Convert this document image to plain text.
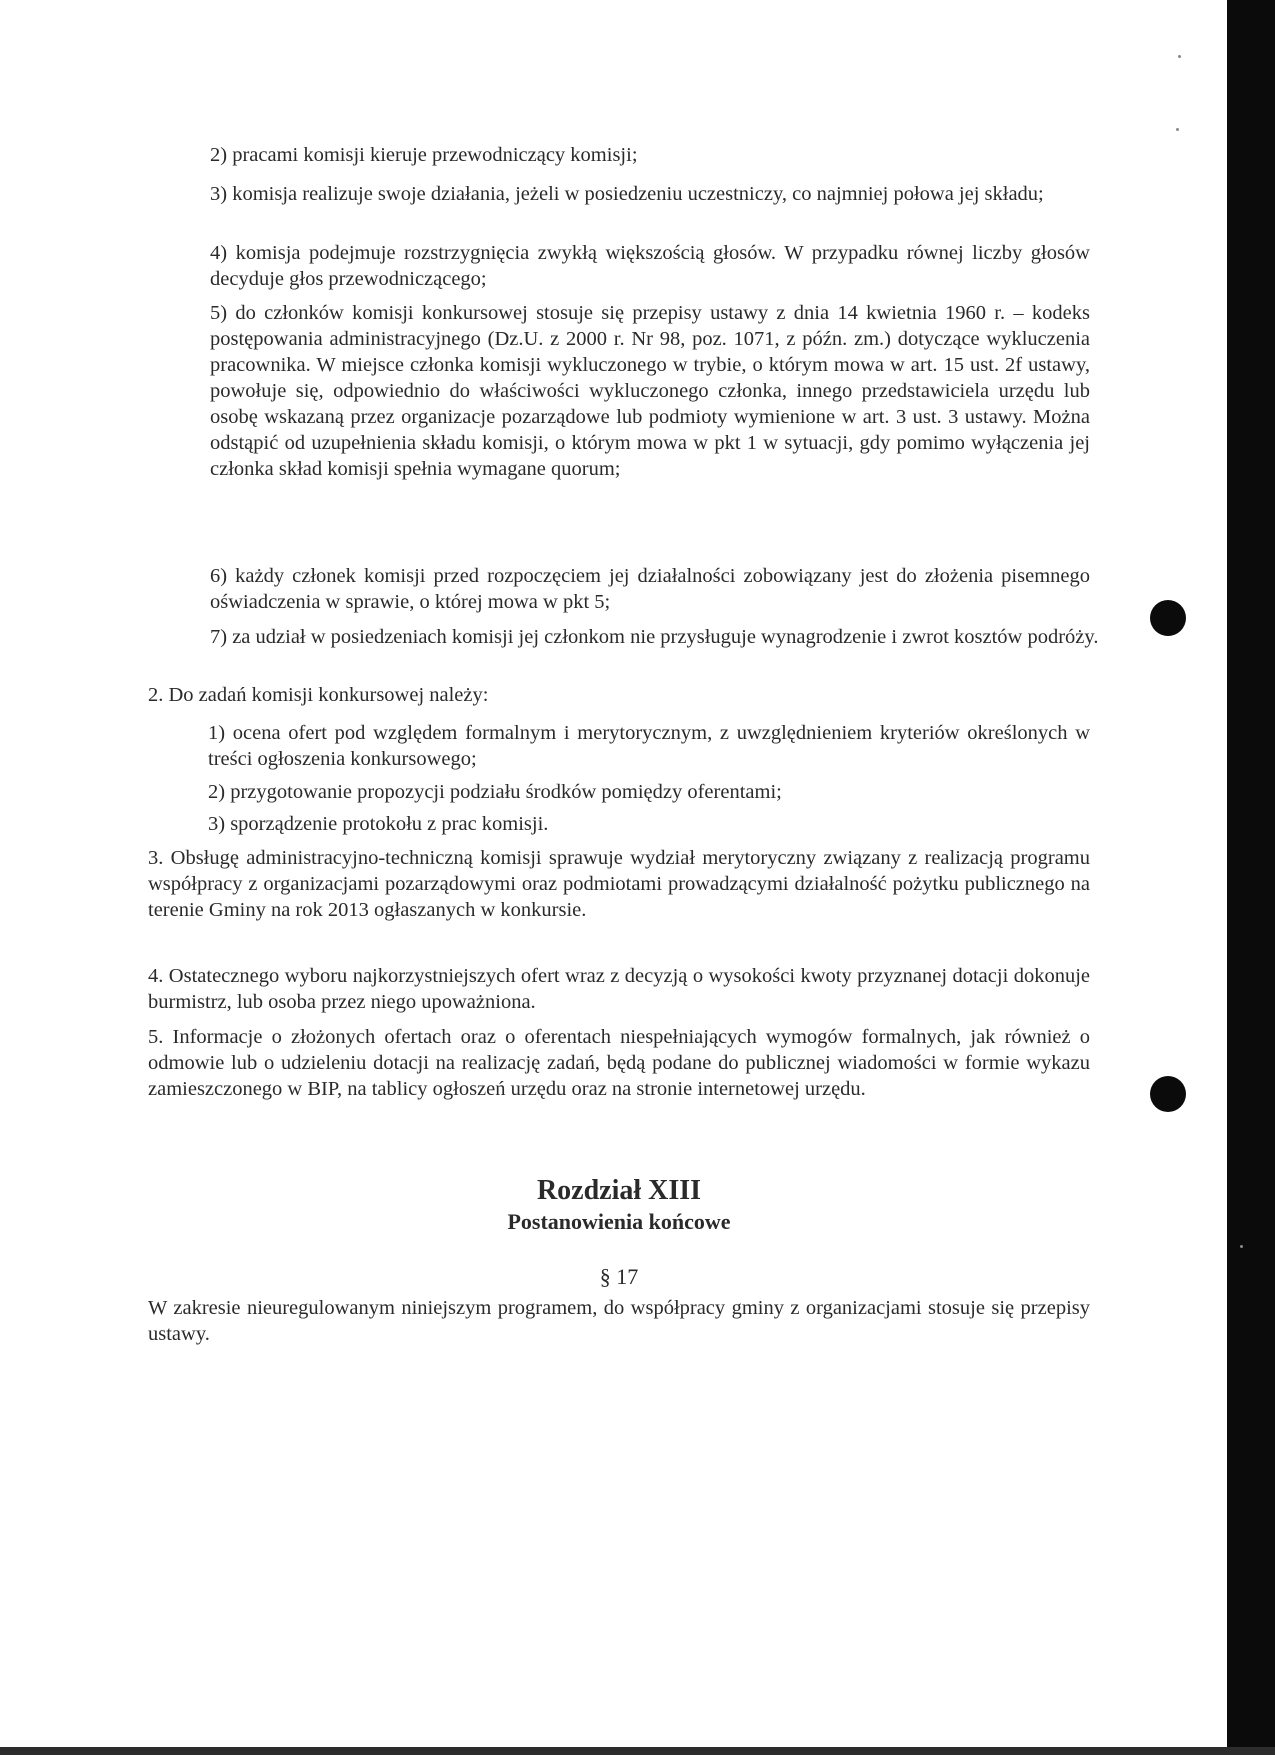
2) pracami komisji kieruje przewodniczący komisji;

3) komisja realizuje swoje działania, jeżeli w posiedzeniu uczestniczy, co najmniej połowa jej składu;

4) komisja podejmuje rozstrzygnięcia zwykłą większością głosów. W przypadku równej liczby głosów decyduje głos przewodniczącego;

5) do członków komisji konkursowej stosuje się przepisy ustawy z dnia 14 kwietnia 1960 r. – kodeks postępowania administracyjnego (Dz.U. z 2000 r. Nr 98, poz. 1071, z późn. zm.) dotyczące wykluczenia pracownika. W miejsce członka komisji wykluczonego w trybie, o którym mowa w art. 15 ust. 2f ustawy, powołuje się, odpowiednio do właściwości wykluczonego członka, innego przedstawiciela urzędu lub osobę wskazaną przez organizacje pozarządowe lub podmioty wymienione w art. 3 ust. 3 ustawy. Można odstąpić od uzupełnienia składu komisji, o którym mowa w pkt 1 w sytuacji, gdy pomimo wyłączenia jej członka skład komisji spełnia wymagane quorum;

6) każdy członek komisji przed rozpoczęciem jej działalności zobowiązany jest do złożenia pisemnego oświadczenia w sprawie, o której mowa w pkt 5;

7) za udział w posiedzeniach komisji jej członkom nie przysługuje wynagrodzenie i zwrot kosztów podróży.

2. Do zadań komisji konkursowej należy:

1) ocena ofert pod względem formalnym i merytorycznym, z uwzględnieniem kryteriów określonych w treści ogłoszenia konkursowego;

2) przygotowanie propozycji podziału środków pomiędzy oferentami;

3) sporządzenie protokołu z prac komisji.

3. Obsługę administracyjno-techniczną komisji sprawuje wydział merytoryczny związany z realizacją programu współpracy z organizacjami pozarządowymi oraz podmiotami prowadzącymi działalność pożytku publicznego na terenie Gminy na rok 2013 ogłaszanych w konkursie.

4. Ostatecznego wyboru najkorzystniejszych ofert wraz z decyzją o wysokości kwoty przyznanej dotacji dokonuje burmistrz, lub osoba przez niego upoważniona.

5. Informacje o złożonych ofertach oraz o oferentach niespełniających wymogów formalnych, jak również o odmowie lub o udzieleniu dotacji na realizację zadań, będą podane do publicznej wiadomości w formie wykazu zamieszczonego w BIP, na tablicy ogłoszeń urzędu oraz na stronie internetowej urzędu.

Rozdział XIII
Postanowienia końcowe

§ 17

W zakresie nieuregulowanym niniejszym programem, do współpracy gminy z organizacjami stosuje się przepisy ustawy.
